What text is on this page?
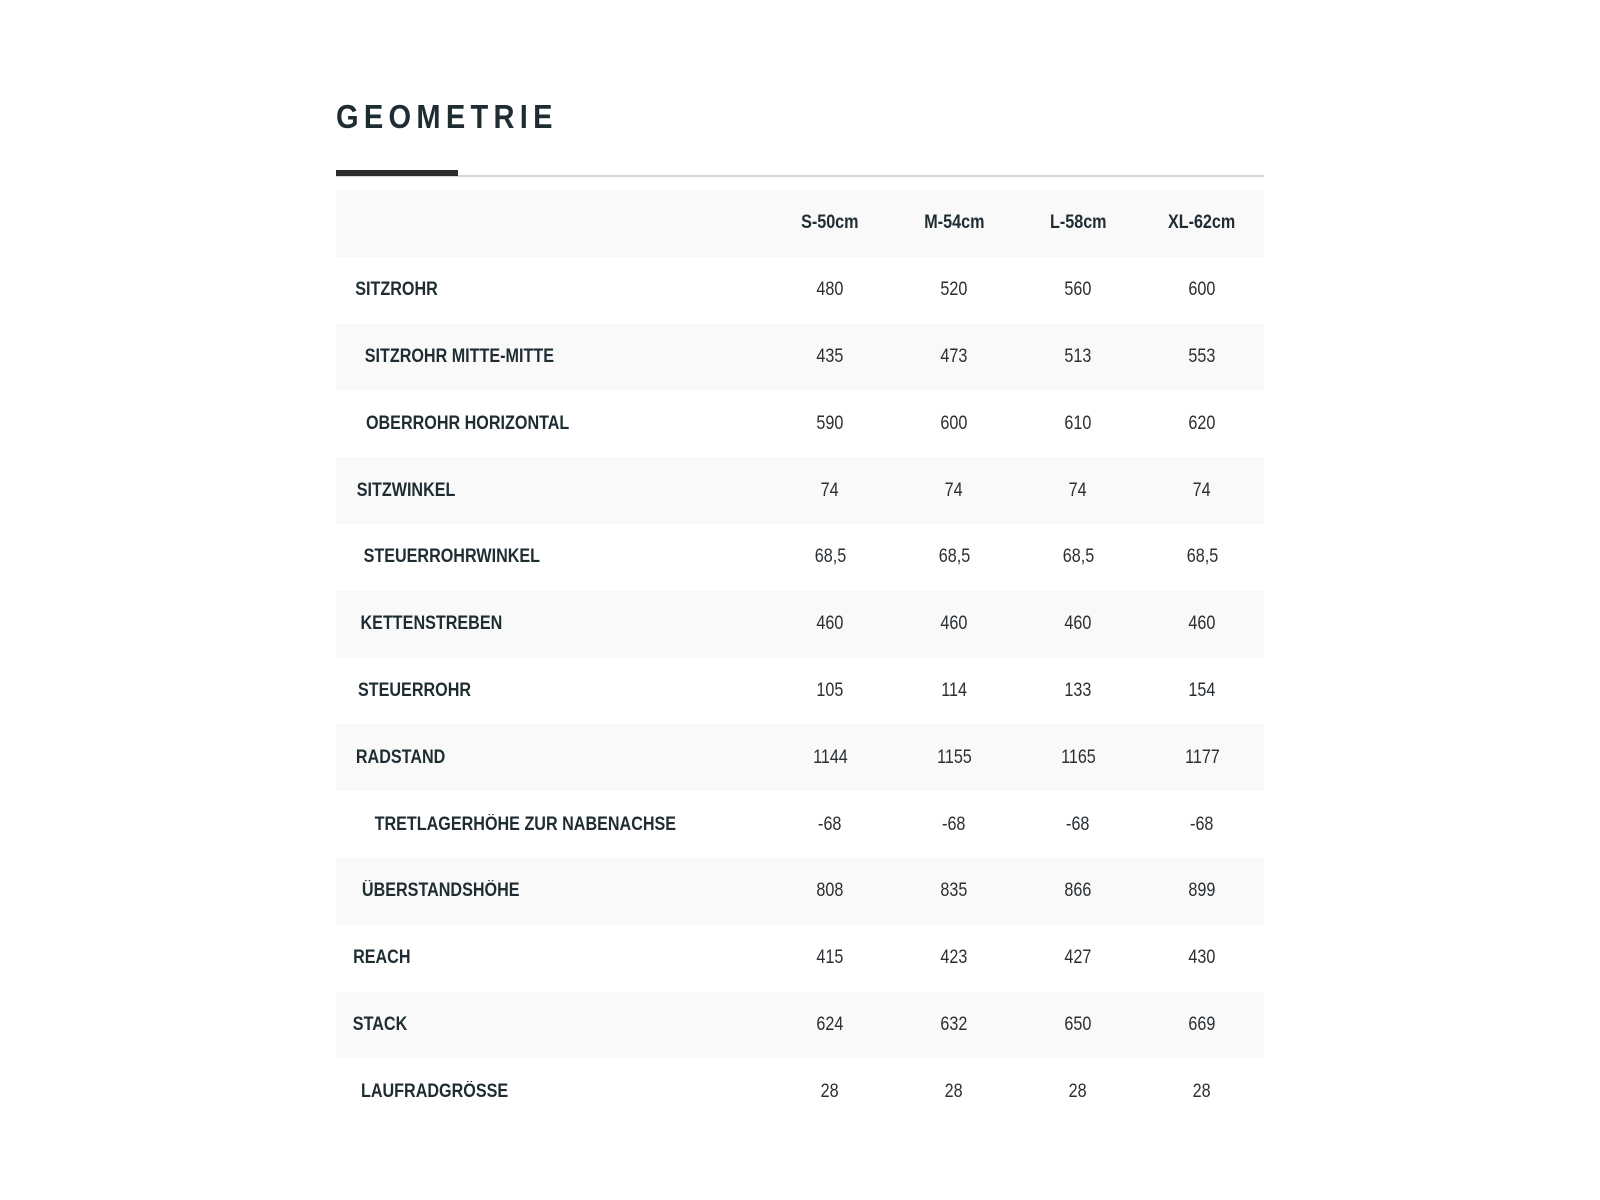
GEOMETRIE
	S-50cm	M-54cm	L-58cm	XL-62cm
SITZROHR	480	520	560	600
SITZROHR MITTE-MITTE	435	473	513	553
OBERROHR HORIZONTAL	590	600	610	620
SITZWINKEL	74	74	74	74
STEUERROHRWINKEL	68,5	68,5	68,5	68,5
KETTENSTREBEN	460	460	460	460
STEUERROHR	105	114	133	154
RADSTAND	1144	1155	1165	1177
TRETLAGERHÖHE ZUR NABENACHSE	-68	-68	-68	-68
ÜBERSTANDSHÖHE	808	835	866	899
REACH	415	423	427	430
STACK	624	632	650	669
LAUFRADGRÖSSE	28	28	28	28
